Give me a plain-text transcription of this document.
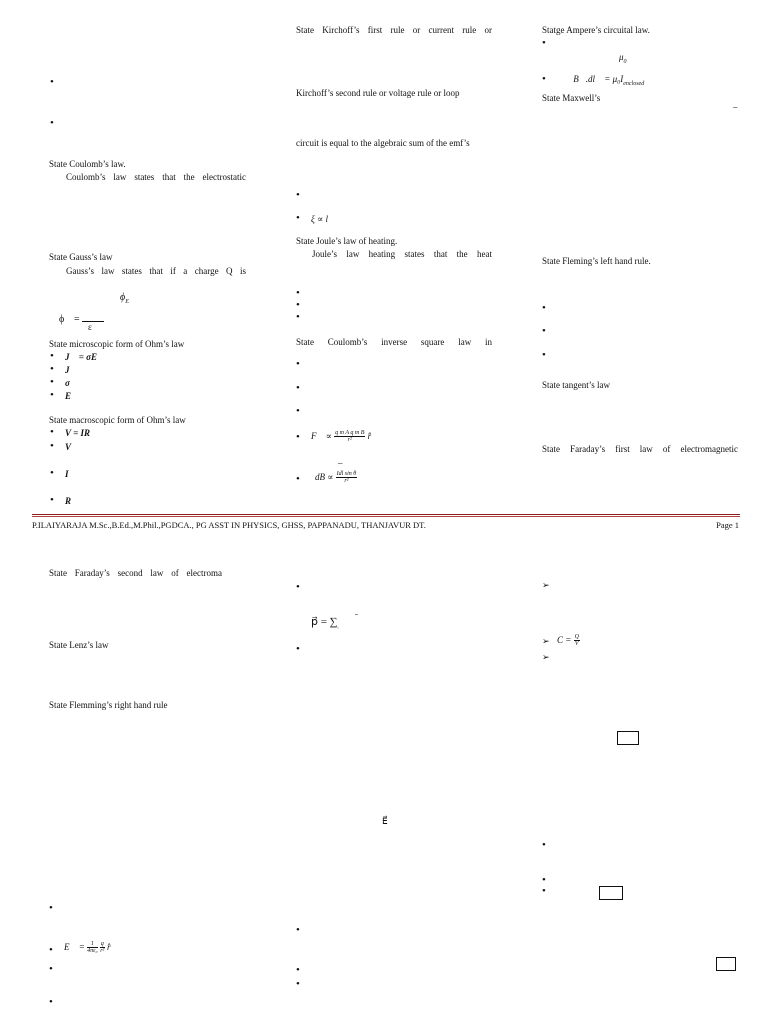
•
•
State Coulomb’s law.
Coulomb’s law states that the electrostatic
State Gauss’s law
Gauss’s law states that if a charge Q is
$\phi_E$
ϕ =
ε
State microscopic form of Ohm’s law
•
J⃗ = σE⃗
•
J⃗
•
σ
•
E⃗
State macroscopic form of Ohm’s law
•
V = IR
•
V
•
I
•
R
State Kirchoff’s first rule or current rule or
Kirchoff’s second rule or voltage rule or loop
circuit is equal to the algebraic sum of the emf’s
•
•
ξ ∝ l
State Joule’s law of heating.
Joule’s law heating states that the heat
•
•
•
State Coulomb’s inverse square law in
•
•
•
•
F⃗ ∝ $\frac{\text{q m A q m B}}{\text{r²}}$ r̂
–
•
dB ∝ $\frac{\text{Idl sin θ}}{\text{r²}}$
Statge Ampere’s circuital law.
•
$\mu_0$
•
∮꜀ B⃗.dl⃗ = $\mu_0I_{enclosed}$
State Maxwell’s
–
State Fleming’s left hand rule.
•
•
•
State tangent’s law
State Faraday’s first law of electromagnetic
P.ILAIYARAJA M.Sc.,B.Ed.,M.Phil.,PGDCA., PG ASST IN PHYSICS, GHSS, PAPPANADU, THANJAVUR DT.	Page 1
State Faraday’s second law of electroma
State Lenz’s law
State Flemming’s right hand rule
•
•
E⃗ = $\frac{1}{\text{4πε₀}}$
$\frac{q}{\text{r²}}$ r̂
•
•
•
p⃗ = $\sum_ᵢ$
ˉ
•
E⃗
•
•
•
➢
➢ $C = \frac{Q}{V}$
➢
•
•
•
